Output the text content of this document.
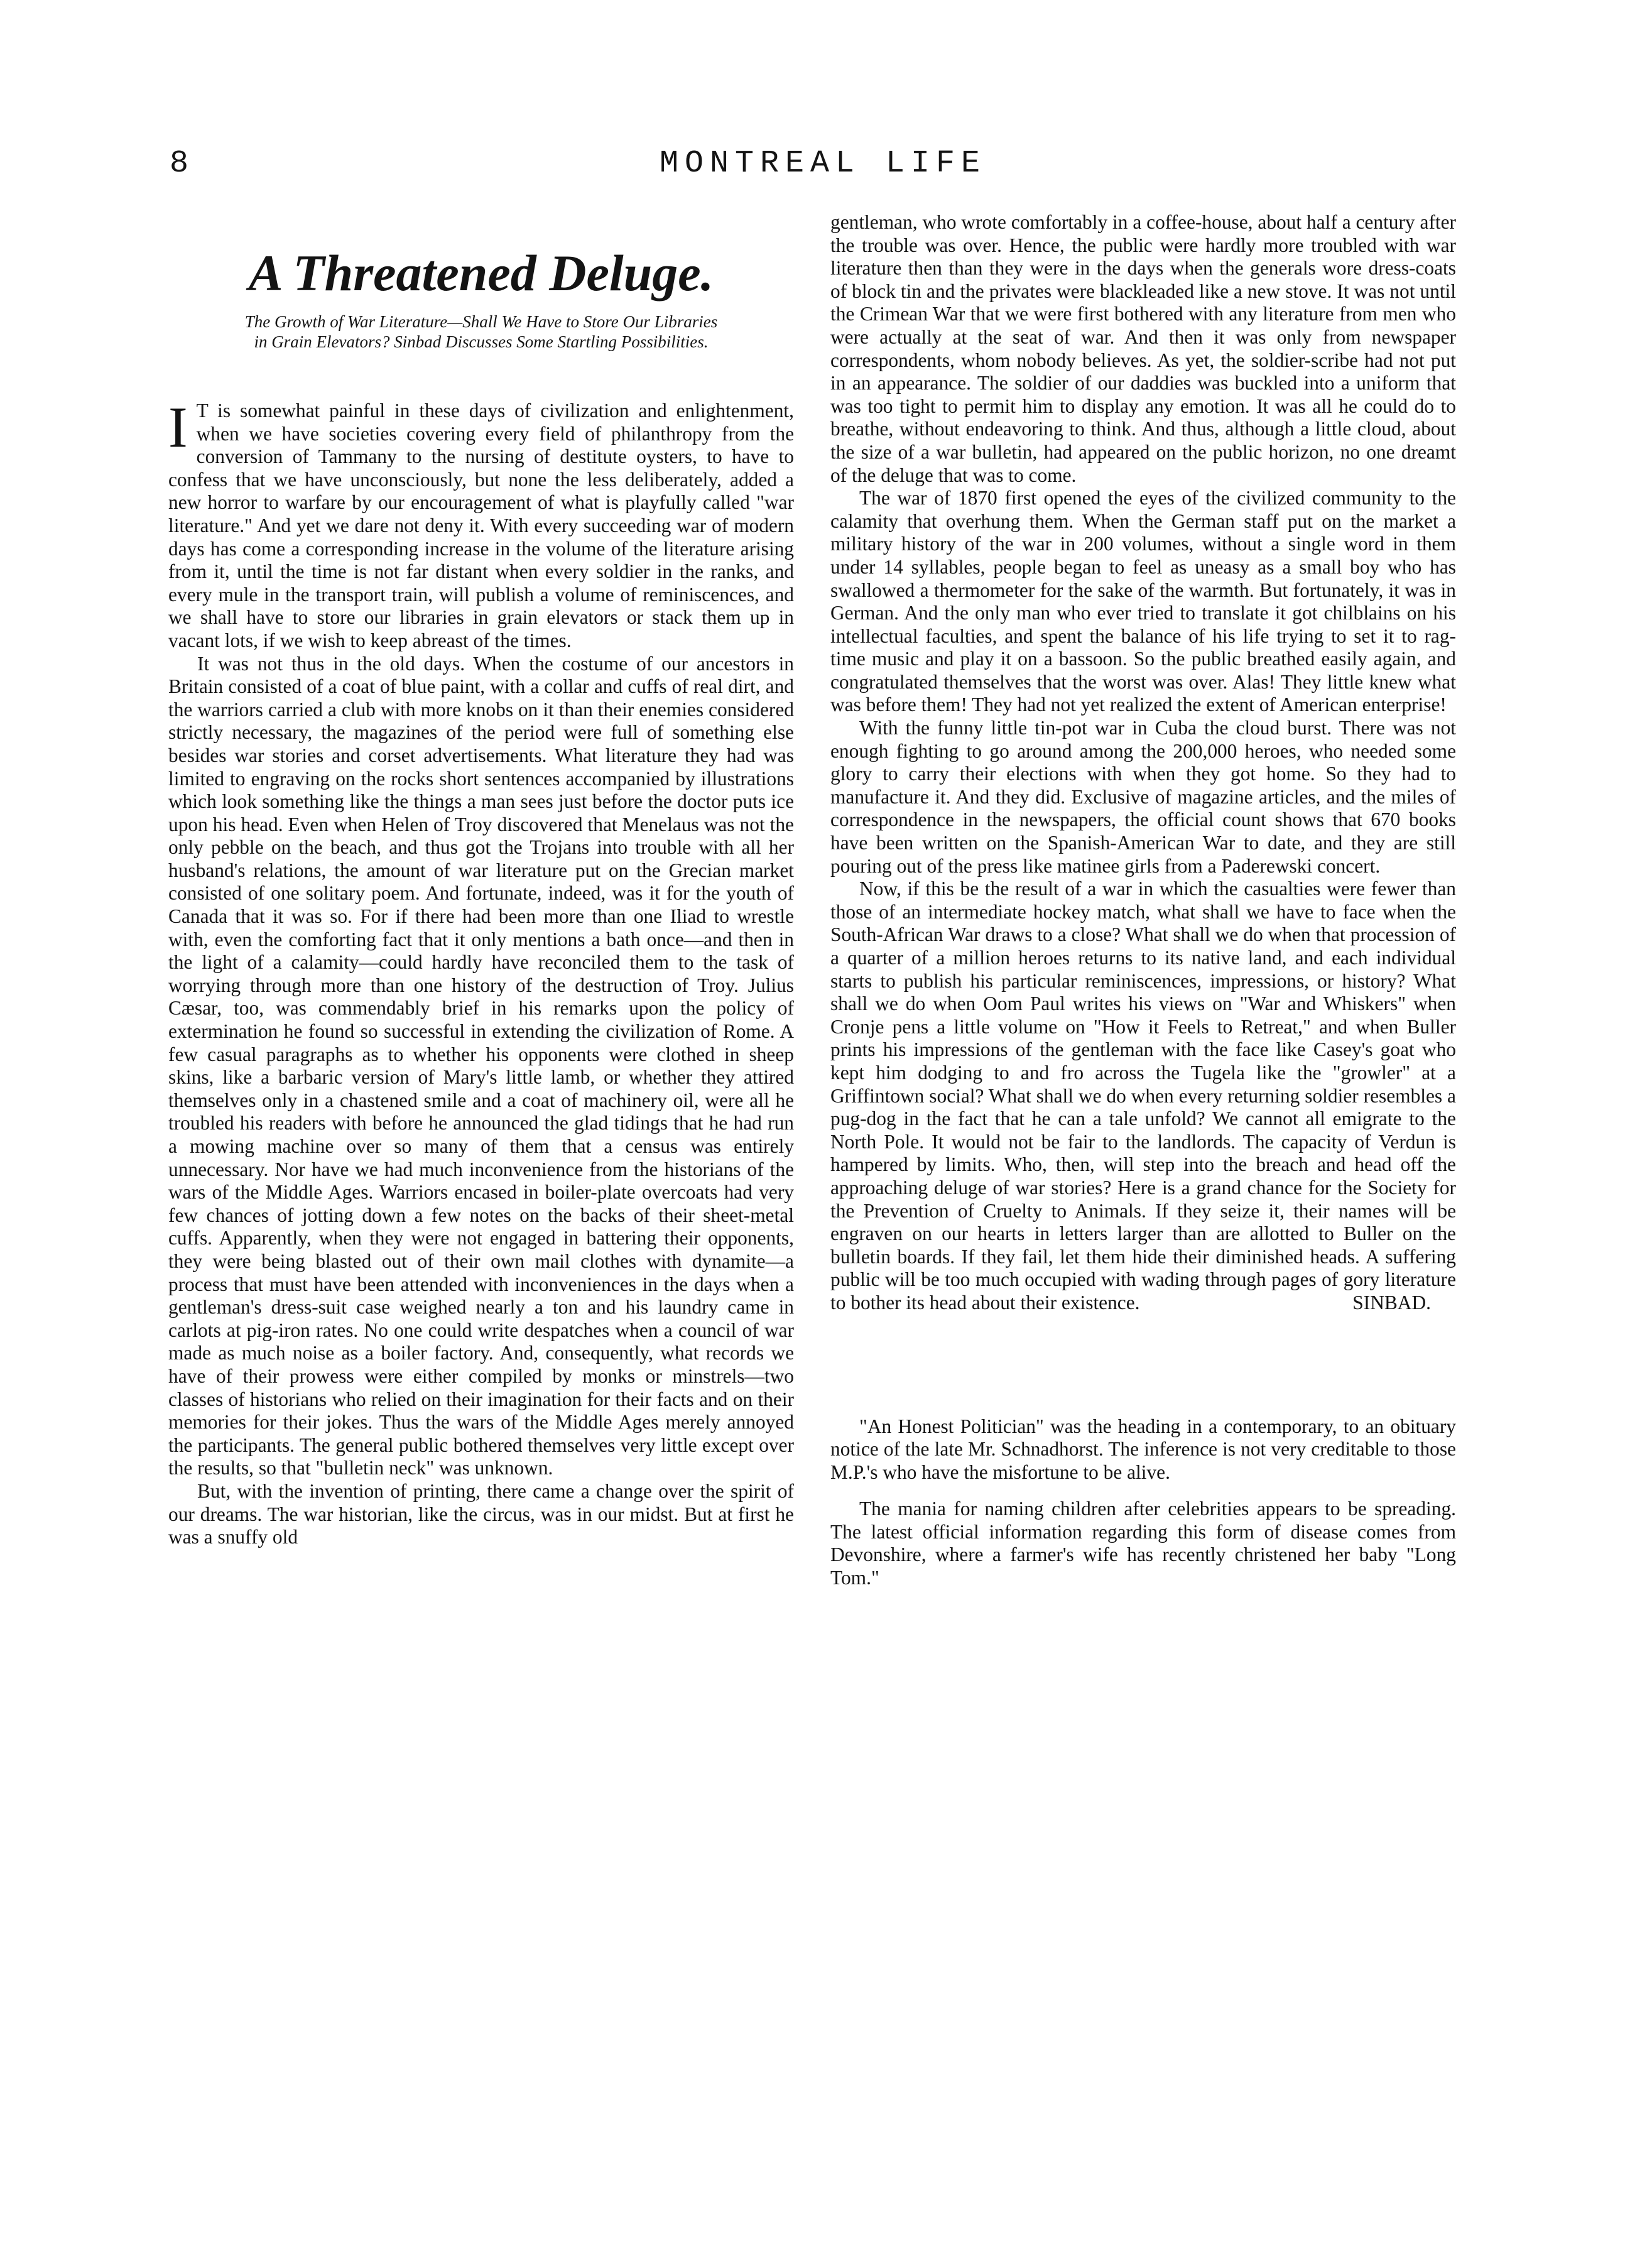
8	MONTREAL LIFE
A Threatened Deluge.
The Growth of War Literature—Shall We Have to Store Our Libraries in Grain Elevators? Sinbad Discusses Some Startling Possibilities.

I T is somewhat painful in these days of civilization and enlightenment, when we have societies covering every field of philanthropy from the conversion of Tammany to the nursing of destitute oysters, to have to confess that we have unconsciously, but none the less deliberately, added a new horror to warfare by our encouragement of what is playfully called "war literature." And yet we dare not deny it. With every succeeding war of modern days has come a corresponding increase in the volume of the literature arising from it, until the time is not far distant when every soldier in the ranks, and every mule in the transport train, will publish a volume of reminiscences, and we shall have to store our libraries in grain elevators or stack them up in vacant lots, if we wish to keep abreast of the times.

It was not thus in the old days. When the costume of our ancestors in Britain consisted of a coat of blue paint, with a collar and cuffs of real dirt, and the warriors carried a club with more knobs on it than their enemies considered strictly necessary, the magazines of the period were full of something else besides war stories and corset advertisements. What literature they had was limited to engraving on the rocks short sentences accompanied by illustrations which look something like the things a man sees just before the doctor puts ice upon his head. Even when Helen of Troy discovered that Menelaus was not the only pebble on the beach, and thus got the Trojans into trouble with all her husband's relations, the amount of war literature put on the Grecian market consisted of one solitary poem. And fortunate, indeed, was it for the youth of Canada that it was so. For if there had been more than one Iliad to wrestle with, even the comforting fact that it only mentions a bath once—and then in the light of a calamity—could hardly have reconciled them to the task of worrying through more than one history of the destruction of Troy. Julius Cæsar, too, was commendably brief in his remarks upon the policy of extermination he found so successful in extending the civilization of Rome. A few casual paragraphs as to whether his opponents were clothed in sheep skins, like a barbaric version of Mary's little lamb, or whether they attired themselves only in a chastened smile and a coat of machinery oil, were all he troubled his readers with before he announced the glad tidings that he had run a mowing machine over so many of them that a census was entirely unnecessary. Nor have we had much inconvenience from the historians of the wars of the Middle Ages. Warriors encased in boiler-plate overcoats had very few chances of jotting down a few notes on the backs of their sheet-metal cuffs. Apparently, when they were not engaged in battering their opponents, they were being blasted out of their own mail clothes with dynamite—a process that must have been attended with inconveniences in the days when a gentleman's dress-suit case weighed nearly a ton and his laundry came in carlots at pig-iron rates. No one could write despatches when a council of war made as much noise as a boiler factory. And, consequently, what records we have of their prowess were either compiled by monks or minstrels—two classes of historians who relied on their imagination for their facts and on their memories for their jokes. Thus the wars of the Middle Ages merely annoyed the participants. The general public bothered themselves very little except over the results, so that "bulletin neck" was unknown.

But, with the invention of printing, there came a change over the spirit of our dreams. The war historian, like the circus, was in our midst. But at first he was a snuffy old

gentleman, who wrote comfortably in a coffee-house, about half a century after the trouble was over. Hence, the public were hardly more troubled with war literature then than they were in the days when the generals wore dress-coats of block tin and the privates were blackleaded like a new stove. It was not until the Crimean War that we were first bothered with any literature from men who were actually at the seat of war. And then it was only from newspaper correspondents, whom nobody believes. As yet, the soldier-scribe had not put in an appearance. The soldier of our daddies was buckled into a uniform that was too tight to permit him to display any emotion. It was all he could do to breathe, without endeavoring to think. And thus, although a little cloud, about the size of a war bulletin, had appeared on the public horizon, no one dreamt of the deluge that was to come.

The war of 1870 first opened the eyes of the civilized community to the calamity that overhung them. When the German staff put on the market a military history of the war in 200 volumes, without a single word in them under 14 syllables, people began to feel as uneasy as a small boy who has swallowed a thermometer for the sake of the warmth. But fortunately, it was in German. And the only man who ever tried to translate it got chilblains on his intellectual faculties, and spent the balance of his life trying to set it to rag-time music and play it on a bassoon. So the public breathed easily again, and congratulated themselves that the worst was over. Alas! They little knew what was before them! They had not yet realized the extent of American enterprise!

With the funny little tin-pot war in Cuba the cloud burst. There was not enough fighting to go around among the 200,000 heroes, who needed some glory to carry their elections with when they got home. So they had to manufacture it. And they did. Exclusive of magazine articles, and the miles of correspondence in the newspapers, the official count shows that 670 books have been written on the Spanish-American War to date, and they are still pouring out of the press like matinee girls from a Paderewski concert.

Now, if this be the result of a war in which the casualties were fewer than those of an intermediate hockey match, what shall we have to face when the South-African War draws to a close? What shall we do when that procession of a quarter of a million heroes returns to its native land, and each individual starts to publish his particular reminiscences, impressions, or history? What shall we do when Oom Paul writes his views on "War and Whiskers" when Cronje pens a little volume on "How it Feels to Retreat," and when Buller prints his impressions of the gentleman with the face like Casey's goat who kept him dodging to and fro across the Tugela like the "growler" at a Griffintown social? What shall we do when every returning soldier resembles a pug-dog in the fact that he can a tale unfold? We cannot all emigrate to the North Pole. It would not be fair to the landlords. The capacity of Verdun is hampered by limits. Who, then, will step into the breach and head off the approaching deluge of war stories? Here is a grand chance for the Society for the Prevention of Cruelty to Animals. If they seize it, their names will be engraven on our hearts in letters larger than are allotted to Buller on the bulletin boards. If they fail, let them hide their diminished heads. A suffering public will be too much occupied with wading through pages of gory literature to bother its head about their existence.	SINBAD.

"An Honest Politician" was the heading in a contemporary, to an obituary notice of the late Mr. Schnadhorst. The inference is not very creditable to those M.P.'s who have the misfortune to be alive.

The mania for naming children after celebrities appears to be spreading. The latest official information regarding this form of disease comes from Devonshire, where a farmer's wife has recently christened her baby "Long Tom."
